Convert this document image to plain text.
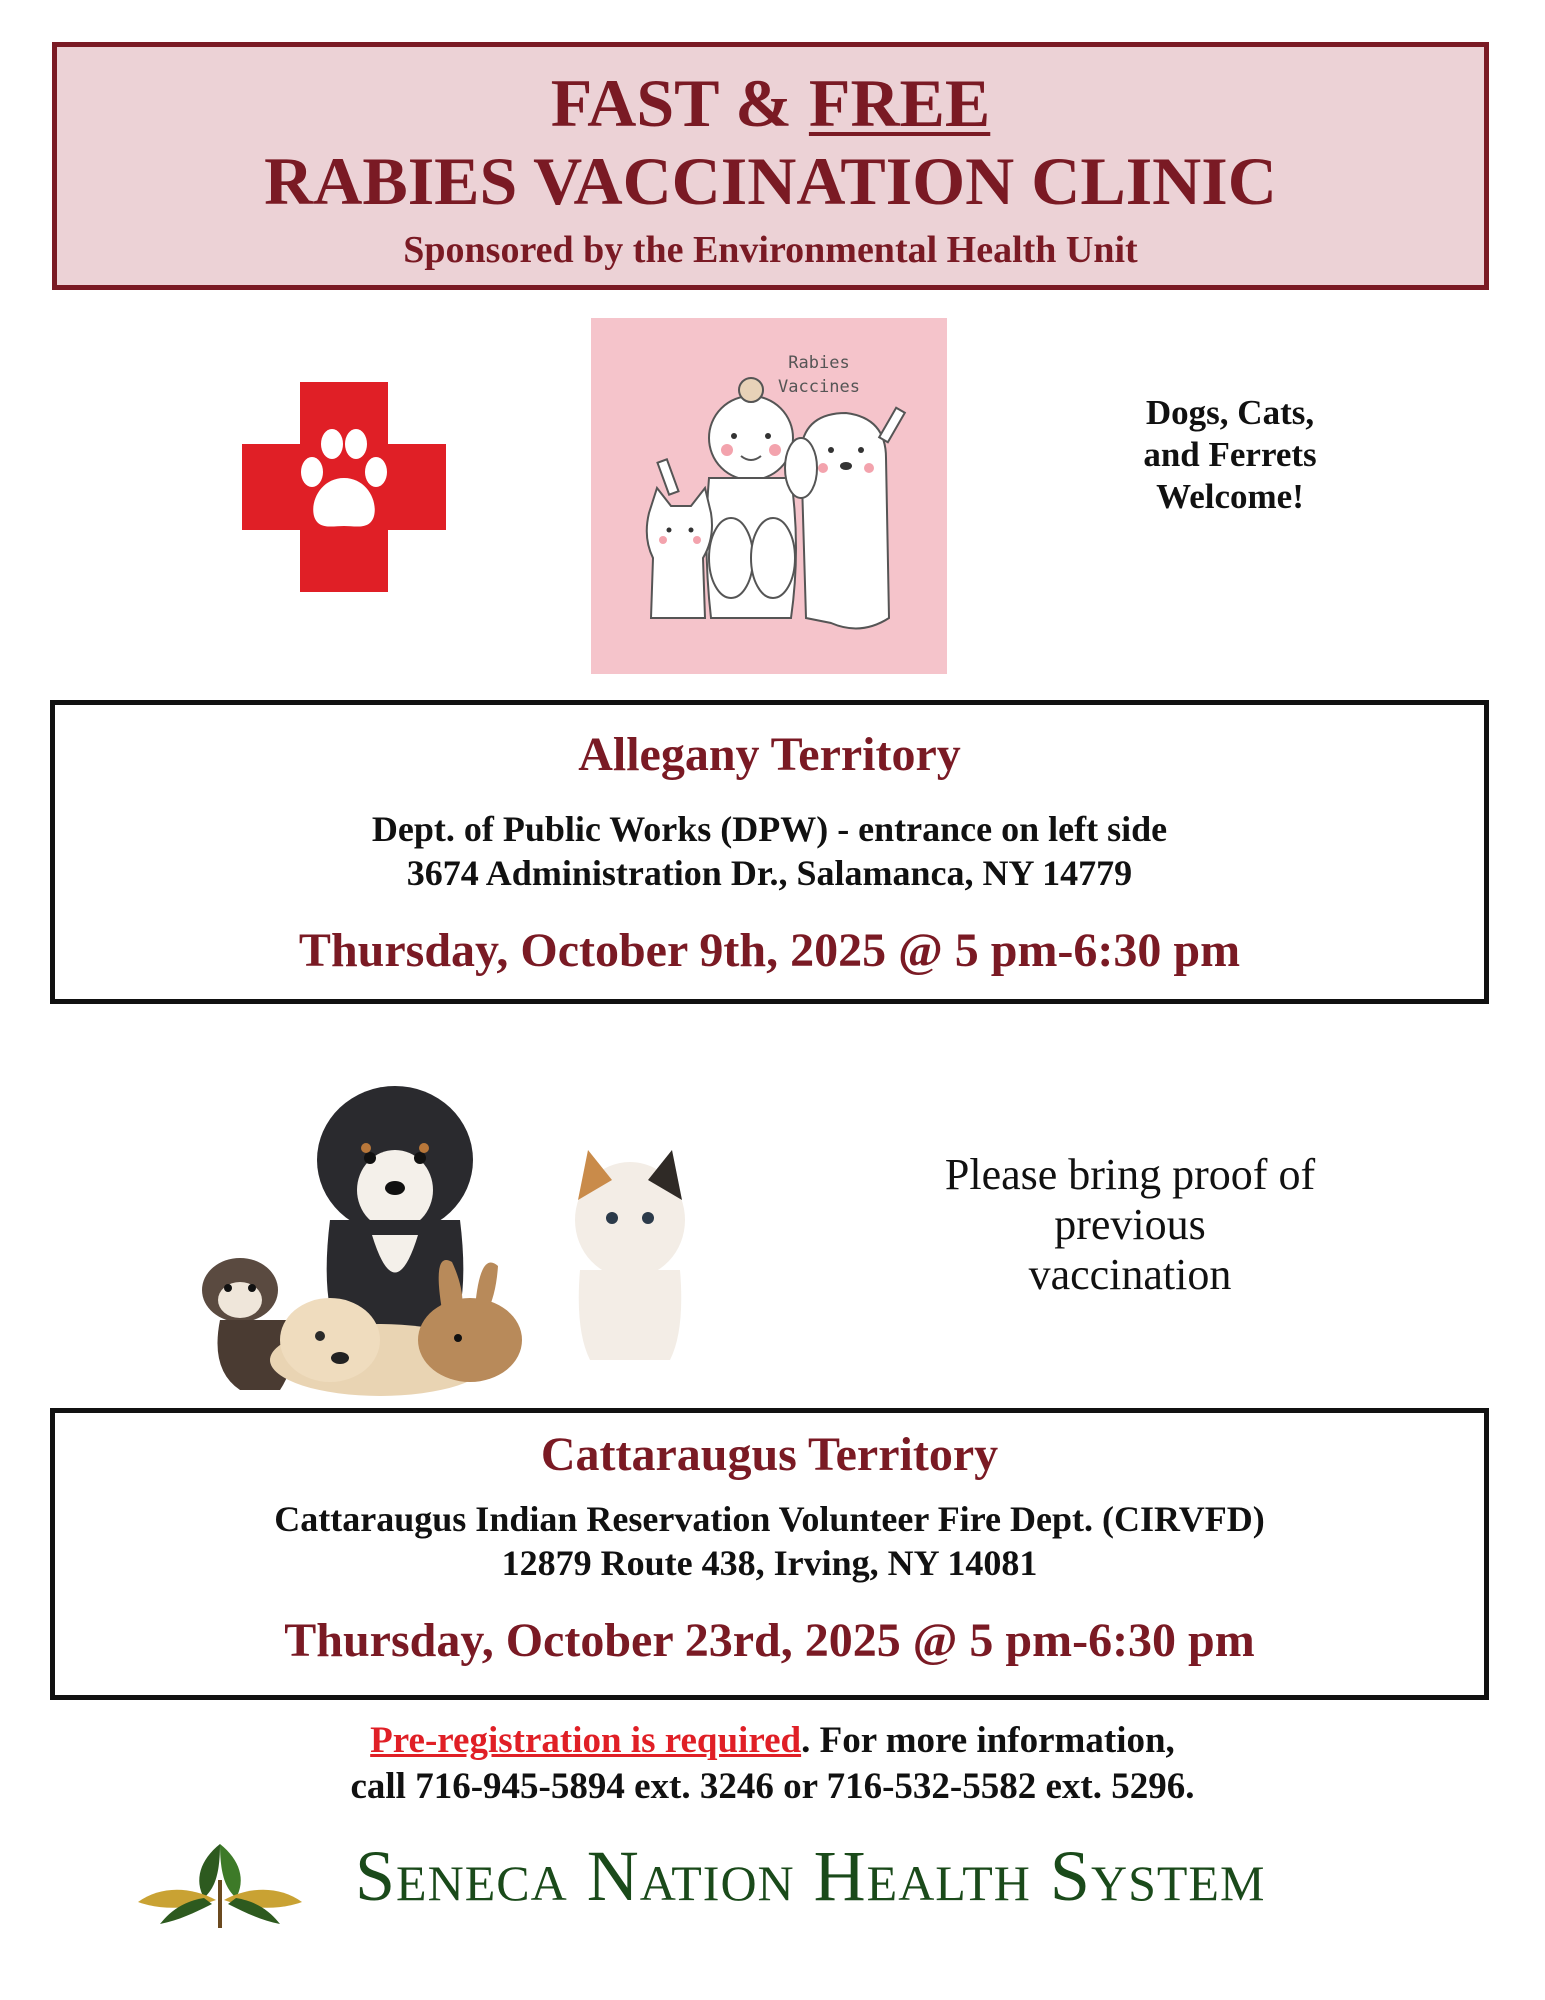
FAST & FREE
RABIES VACCINATION CLINIC
Sponsored by the Environmental Health Unit
Rabies
Vaccines
Dogs, Cats,
and Ferrets
Welcome!
Allegany Territory
Dept. of Public Works (DPW) - entrance on left side
3674 Administration Dr., Salamanca, NY 14779
Thursday, October 9th, 2025 @ 5 pm-6:30 pm
Please bring proof of
previous
vaccination
Cattaraugus Territory
Cattaraugus Indian Reservation Volunteer Fire Dept. (CIRVFD)
12879 Route 438, Irving, NY 14081
Thursday, October 23rd, 2025 @ 5 pm-6:30 pm
Pre-registration is required. For more information,
call 716-945-5894 ext. 3246 or 716-532-5582 ext. 5296.
Seneca Nation Health System
